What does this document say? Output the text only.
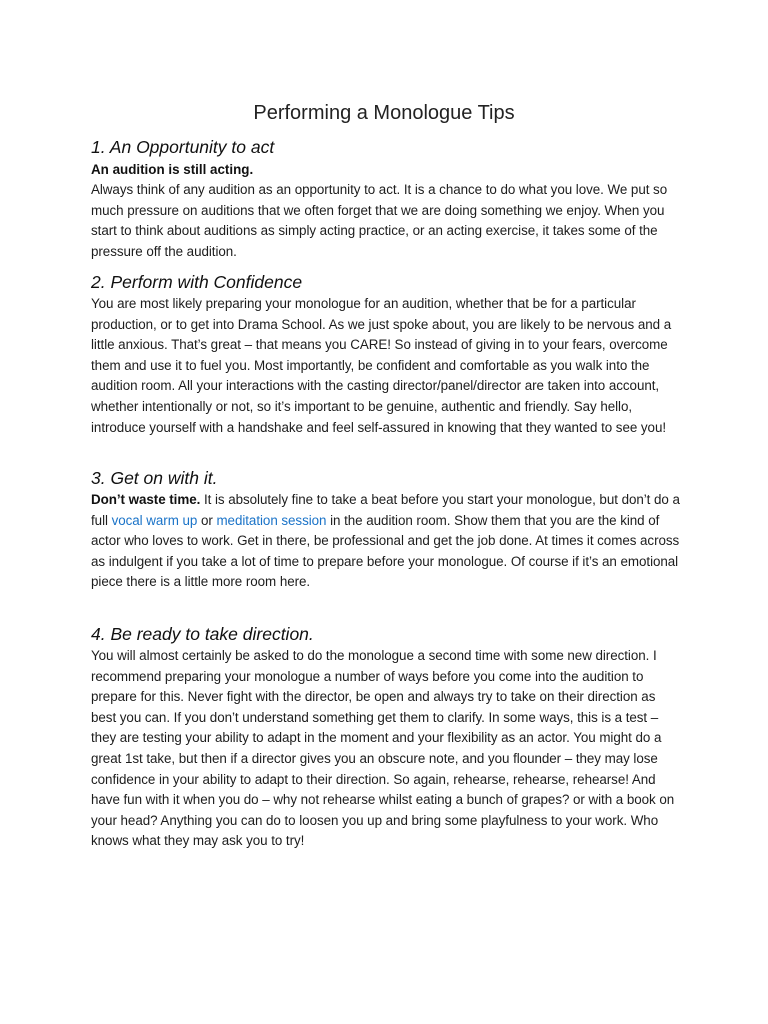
Performing a Monologue Tips
1. An Opportunity to act

An audition is still acting.

Always think of any audition as an opportunity to act. It is a chance to do what you love. We put so much pressure on auditions that we often forget that we are doing something we enjoy. When you start to think about auditions as simply acting practice, or an acting exercise, it takes some of the pressure off the audition.

2. Perform with Confidence

You are most likely preparing your monologue for an audition, whether that be for a particular production, or to get into Drama School. As we just spoke about, you are likely to be nervous and a little anxious. That’s great – that means you CARE! So instead of giving in to your fears, overcome them and use it to fuel you. Most importantly, be confident and comfortable as you walk into the audition room. All your interactions with the casting director/panel/director are taken into account, whether intentionally or not, so it’s important to be genuine, authentic and friendly. Say hello, introduce yourself with a handshake and feel self-assured in knowing that they wanted to see you!

3. Get on with it.

Don’t waste time. It is absolutely fine to take a beat before you start your monologue, but don’t do a full vocal warm up or meditation session in the audition room. Show them that you are the kind of actor who loves to work. Get in there, be professional and get the job done. At times it comes across as indulgent if you take a lot of time to prepare before your monologue. Of course if it’s an emotional piece there is a little more room here.

4. Be ready to take direction.

You will almost certainly be asked to do the monologue a second time with some new direction. I recommend preparing your monologue a number of ways before you come into the audition to prepare for this. Never fight with the director, be open and always try to take on their direction as best you can. If you don’t understand something get them to clarify. In some ways, this is a test – they are testing your ability to adapt in the moment and your flexibility as an actor. You might do a great 1st take, but then if a director gives you an obscure note, and you flounder – they may lose confidence in your ability to adapt to their direction. So again, rehearse, rehearse, rehearse! And have fun with it when you do – why not rehearse whilst eating a bunch of grapes? or with a book on your head? Anything you can do to loosen you up and bring some playfulness to your work. Who knows what they may ask you to try!
